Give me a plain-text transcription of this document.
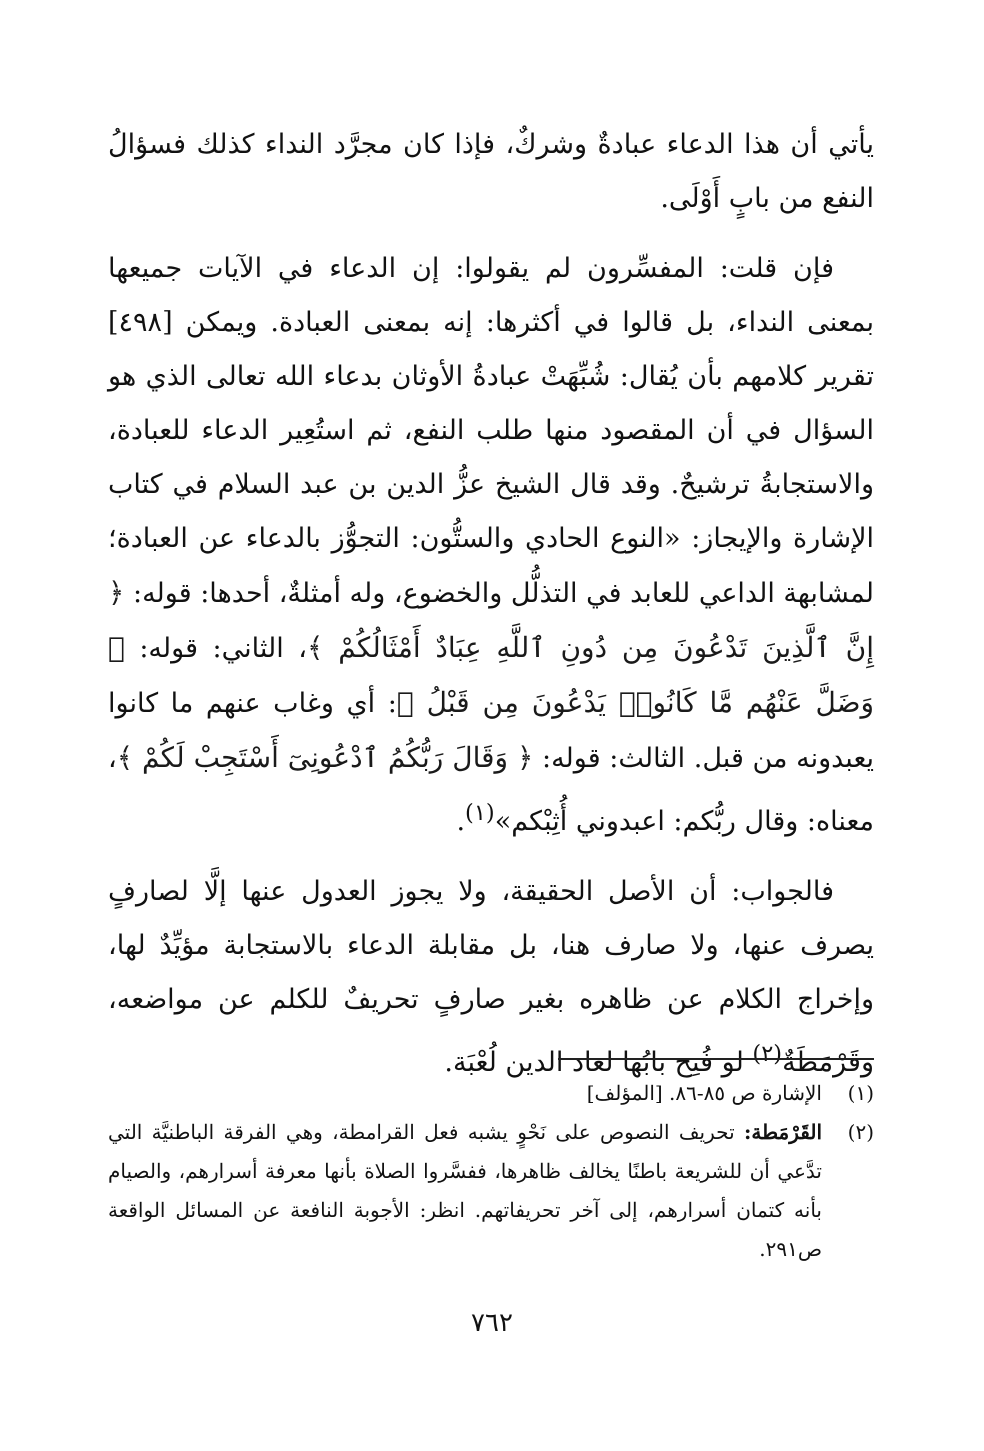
يأتي أن هذا الدعاء عبادةٌ وشركٌ، فإذا كان مجرَّد النداء كذلك فسؤالُ النفع من بابٍ أَوْلَى.

فإن قلت: المفسِّرون لم يقولوا: إن الدعاء في الآيات جميعها بمعنى النداء، بل قالوا في أكثرها: إنه بمعنى العبادة. ويمكن [٤٩٨] تقرير كلامهم بأن يُقال: شُبِّهَتْ عبادةُ الأوثان بدعاء الله تعالى الذي هو السؤال في أن المقصود منها طلب النفع، ثم استُعِير الدعاء للعبادة، والاستجابةُ ترشيحٌ. وقد قال الشيخ عزُّ الدين بن عبد السلام في كتاب الإشارة والإيجاز: «النوع الحادي والستُّون: التجوُّز بالدعاء عن العبادة؛ لمشابهة الداعي للعابد في التذلُّل والخضوع، وله أمثلةٌ، أحدها: قوله: ﴿ إِنَّ ٱلَّذِينَ تَدْعُونَ مِن دُونِ ٱللَّهِ عِبَادٌ أَمْثَالُكُمْ ﴾، الثاني: قوله: ﴿ وَضَلَّ عَنْهُم مَّا كَانُوا۟ يَدْعُونَ مِن قَبْلُ ﴾: أي وغاب عنهم ما كانوا يعبدونه من قبل. الثالث: قوله: ﴿ وَقَالَ رَبُّكُمُ ٱدْعُونِىٓ أَسْتَجِبْ لَكُمْ ﴾، معناه: وقال ربُّكم: اعبدوني أُثِبْكم»$^{(١)}$.

فالجواب: أن الأصل الحقيقة، ولا يجوز العدول عنها إلَّا لصارفٍ يصرف عنها، ولا صارف هنا، بل مقابلة الدعاء بالاستجابة مؤيِّدٌ لها، وإخراج الكلام عن ظاهره بغير صارفٍ تحريفٌ للكلم عن مواضعه، وقَرْمَطَةٌ$^{(٢)}$ لو فُتِح بابُها لعاد الدين لُعْبَة.

(١)
الإشارة ص ٨٥-٨٦. [المؤلف]

(٢)
القَرْمَطة: تحريف النصوص على نَحْوٍ يشبه فعل القرامطة، وهي الفرقة الباطنيَّة التي تدَّعي أن للشريعة باطنًا يخالف ظاهرها، ففسَّروا الصلاة بأنها معرفة أسرارهم، والصيام بأنه كتمان أسرارهم، إلى آخر تحريفاتهم. انظر: الأجوبة النافعة عن المسائل الواقعة ص٢٩١.

٧٦٢
